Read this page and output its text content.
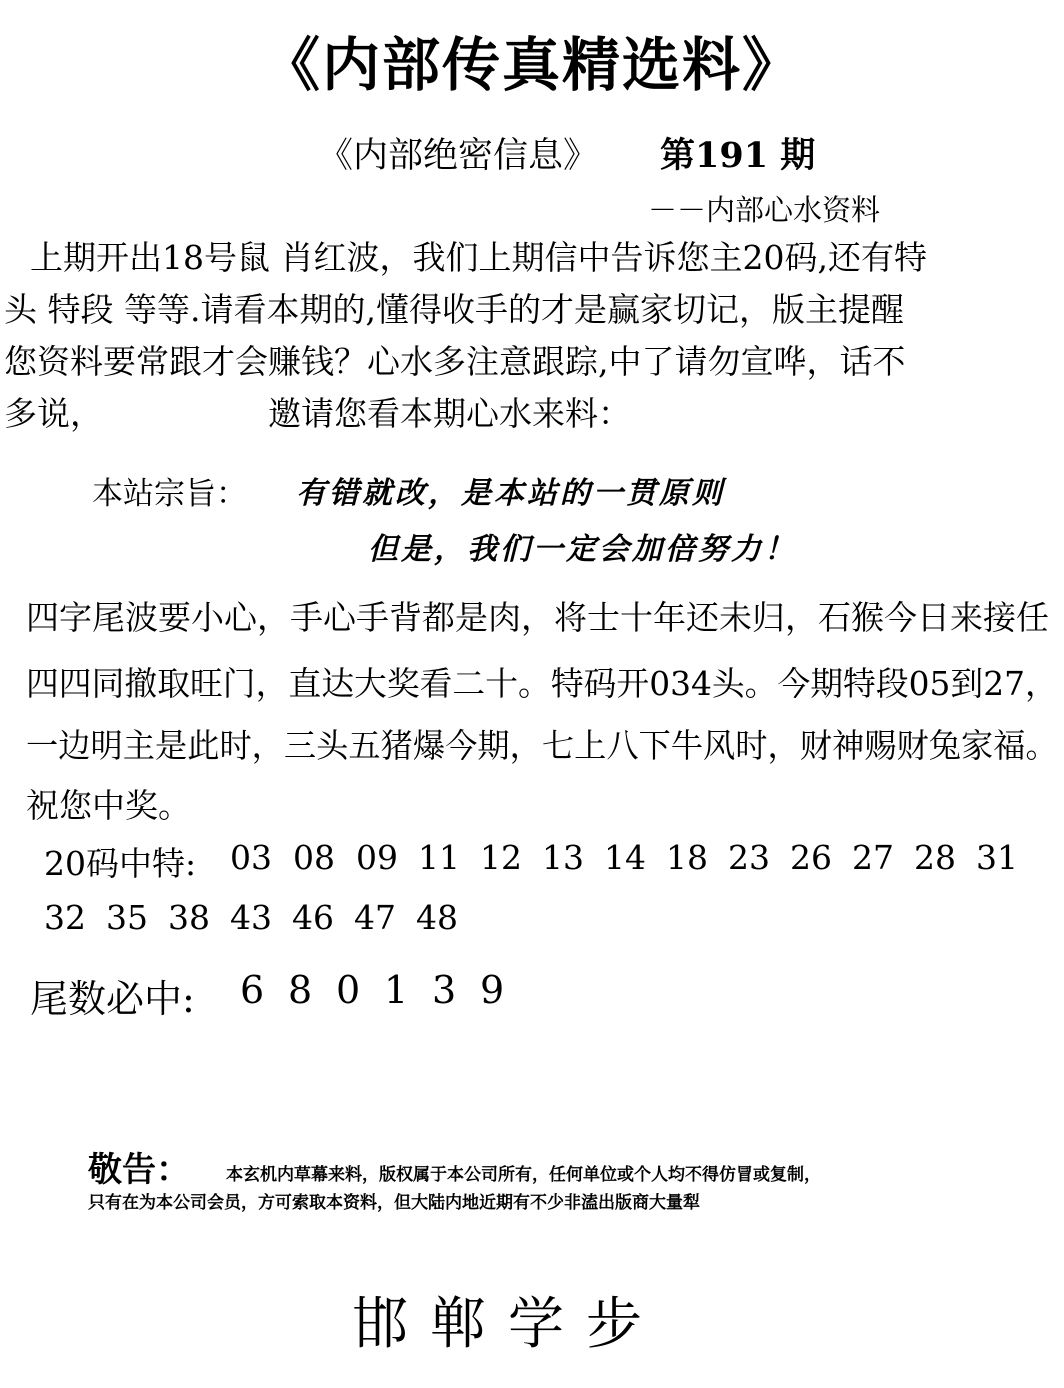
《内部传真精选料》
《内部绝密信息》 第191 期
－－内部心水资料
上期开出18号鼠 肖红波，我们上期信中告诉您主20码,还有特
头 特段 等等.请看本期的,懂得收手的才是赢家切记，版主提醒
您资料要常跟才会赚钱？心水多注意跟踪,中了请勿宣哗，话不
多说，	邀请您看本期心水来料：
本站宗旨： 有错就改，是本站的一贯原则
但是，我们一定会加倍努力！
四字尾波要小心，手心手背都是肉，将士十年还未归，石猴今日来接任
四四同撤取旺门，直达大奖看二十。特码开034头。今期特段05到27，
一边明主是此时，三头五猪爆今期，七上八下牛风时，财神赐财兔家福。
祝您中奖。
20码中特: 03 08 09 11 12 13 14 18 23 26 27 28 31
32 35 38 43 46 47 48
尾数必中: 6 8 0 1 3 9
敬告： 本玄机内草幕来料，版权属于本公司所有，任何单位或个人均不得仿冒或复制，
只有在为本公司会员，方可索取本资料，但大陆内地近期有不少非溘出版商大量犁
邯郸学步
